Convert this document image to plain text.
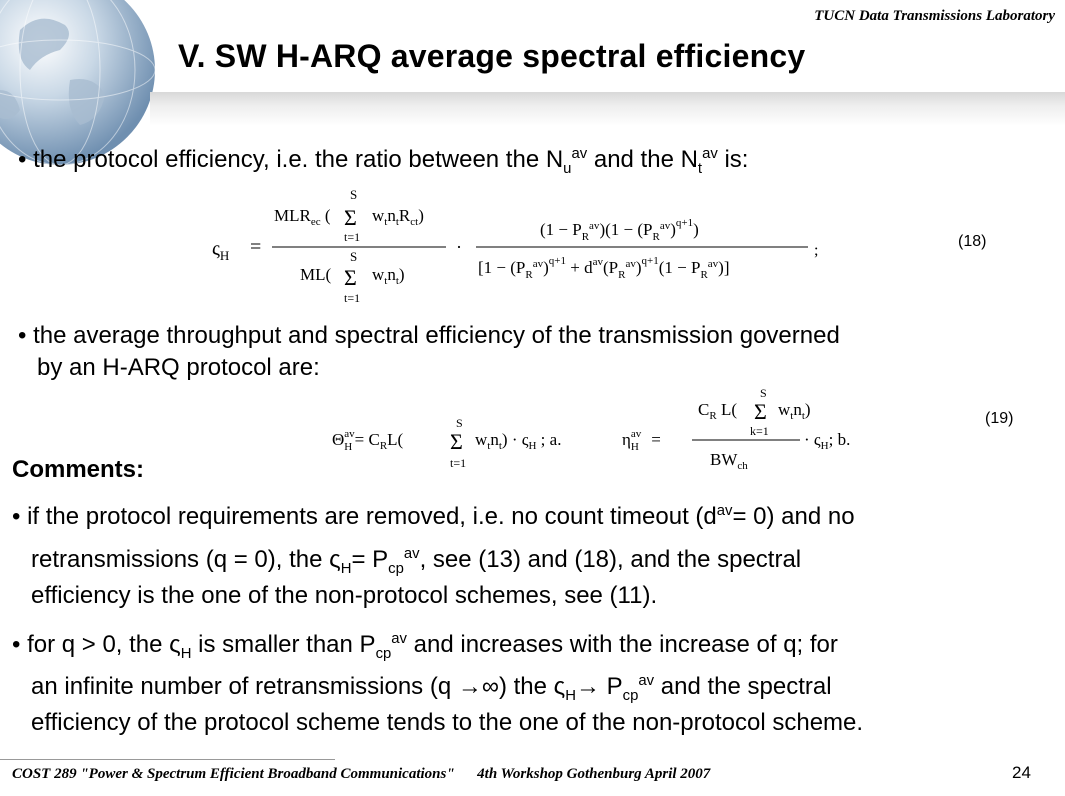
TUCN Data Transmissions Laboratory
V. SW H-ARQ average spectral efficiency
• the protocol efficiency, i.e. the ratio between the $N_u^{av}$ and the $N_t^{av}$ is:
$\varsigma_H$ =
$MLR_{ec}$ (
S
Σ
t=1
$w_tn_tR_{ct}$)
ML(
S
Σ
t=1
$w_tn_t$)
·
$(1 - P_R^{av})(1 - (P_R^{av})^{q+1})$
$[1 - (P_R^{av})^{q+1} + d^{av}(P_R^{av})^{q+1}(1 - P_R^{av})]$
;
(18)
• the average throughput and spectral efficiency of the transmission governed
by an H-ARQ protocol are:
$\Theta_Hav= C_RL$(
S
Σ
t=1
$w_tn_t) \cdot \varsigma_H$ ; a.	$\eta_Hav$ =
$C_R$ L(
S
Σ
k=1
$w_tn_t$)
$BW_{ch}$
· $\varsigma_H$; b.
(19)
Comments:
• if the protocol requirements are removed, i.e. no count timeout $(d^{av}= 0)$ and no
retransmissions (q = 0), the $\varsigma_H= P_{cp}^{av}$, see (13) and (18), and the spectral
efficiency is the one of the non-protocol schemes, see (11).
• for q > 0, the $\varsigma_H$ is smaller than $P_{cp}^{av}$ and increases with the increase of q; for
an infinite number of retransmissions (q →∞) the $\varsigma_H\to P_{cp}^{av}$ and the spectral
efficiency of the protocol scheme tends to the one of the non-protocol scheme.
COST 289 "Power & Spectrum Efficient Broadband Communications"      4th Workshop Gothenburg April 2007	24
